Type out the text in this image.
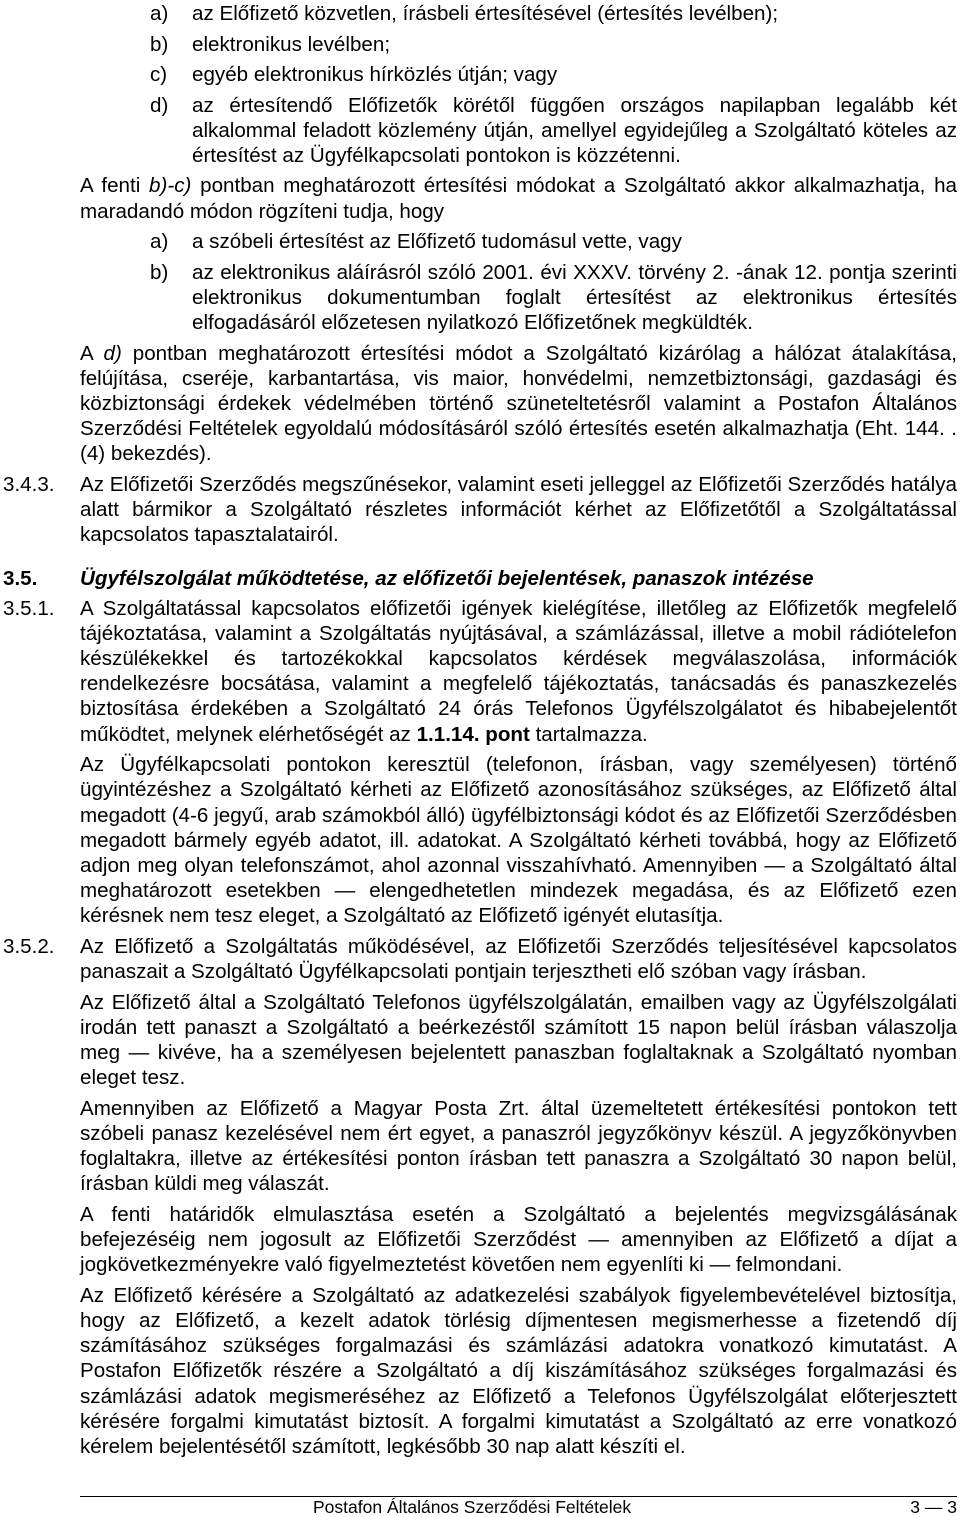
a) az Előfizető közvetlen, írásbeli értesítésével (értesítés levélben);
b) elektronikus levélben;
c) egyéb elektronikus hírközlés útján; vagy
d) az értesítendő Előfizetők körétől függően országos napilapban legalább két alkalommal feladott közlemény útján, amellyel egyidejűleg a Szolgáltató köteles az értesítést az Ügyfélkapcsolati pontokon is közzétenni.
A fenti b)-c) pontban meghatározott értesítési módokat a Szolgáltató akkor alkalmazhatja, ha maradandó módon rögzíteni tudja, hogy
a) a szóbeli értesítést az Előfizető tudomásul vette, vagy
b) az elektronikus aláírásról szóló 2001. évi XXXV. törvény 2. -ának 12. pontja szerinti elektronikus dokumentumban foglalt értesítést az elektronikus értesítés elfogadásáról előzetesen nyilatkozó Előfizetőnek megküldték.
A d) pontban meghatározott értesítési módot a Szolgáltató kizárólag a hálózat átalakítása, felújítása, cseréje, karbantartása, vis maior, honvédelmi, nemzetbiztonsági, gazdasági és közbiztonsági érdekek védelmében történő szüneteltetésről valamint a Postafon Általános Szerződési Feltételek egyoldalú módosításáról szóló értesítés esetén alkalmazhatja (Eht. 144. . (4) bekezdés).
3.4.3. Az Előfizetői Szerződés megszűnésekor, valamint eseti jelleggel az Előfizetői Szerződés hatálya alatt bármikor a Szolgáltató részletes információt kérhet az Előfizetőtől a Szolgáltatással kapcsolatos tapasztalatairól.
3.5. Ügyfélszolgálat működtetése, az előfizetői bejelentések, panaszok intézése
3.5.1. A Szolgáltatással kapcsolatos előfizetői igények kielégítése, illetőleg az Előfizetők megfelelő tájékoztatása, valamint a Szolgáltatás nyújtásával, a számlázással, illetve a mobil rádiótelefon készülékekkel és tartozékokkal kapcsolatos kérdések megválaszolása, információk rendelkezésre bocsátása, valamint a megfelelő tájékoztatás, tanácsadás és panaszkezelés biztosítása érdekében a Szolgáltató 24 órás Telefonos Ügyfélszolgálatot és hibabejelentőt működtet, melynek elérhetőségét az 1.1.14. pont tartalmazza.
Az Ügyfélkapcsolati pontokon keresztül (telefonon, írásban, vagy személyesen) történő ügyintézéshez a Szolgáltató kérheti az Előfizető azonosításához szükséges, az Előfizető által megadott (4-6 jegyű, arab számokból álló) ügyfélbiztonsági kódot és az Előfizetői Szerződésben megadott bármely egyéb adatot, ill. adatokat. A Szolgáltató kérheti továbbá, hogy az Előfizető adjon meg olyan telefonszámot, ahol azonnal visszahívható. Amennyiben — a Szolgáltató által meghatározott esetekben — elengedhetetlen mindezek megadása, és az Előfizető ezen kérésnek nem tesz eleget, a Szolgáltató az Előfizető igényét elutasítja.
3.5.2. Az Előfizető a Szolgáltatás működésével, az Előfizetői Szerződés teljesítésével kapcsolatos panaszait a Szolgáltató Ügyfélkapcsolati pontjain terjesztheti elő szóban vagy írásban.
Az Előfizető által a Szolgáltató Telefonos ügyfélszolgálatán, emailben vagy az Ügyfélszolgálati irodán tett panaszt a Szolgáltató a beérkezéstől számított 15 napon belül írásban válaszolja meg — kivéve, ha a személyesen bejelentett panaszban foglaltaknak a Szolgáltató nyomban eleget tesz.
Amennyiben az Előfizető a Magyar Posta Zrt. által üzemeltetett értékesítési pontokon tett szóbeli panasz kezelésével nem ért egyet, a panaszról jegyzőkönyv készül. A jegyzőkönyvben foglaltakra, illetve az értékesítési ponton írásban tett panaszra a Szolgáltató 30 napon belül, írásban küldi meg válaszát.
A fenti határidők elmulasztása esetén a Szolgáltató a bejelentés megvizsgálásának befejezéséig nem jogosult az Előfizetői Szerződést — amennyiben az Előfizető a díjat a jogkövetkezményekre való figyelmeztetést követően nem egyenlíti ki — felmondani.
Az Előfizető kérésére a Szolgáltató az adatkezelési szabályok figyelembevételével biztosítja, hogy az Előfizető, a kezelt adatok törlésig díjmentesen megismerhesse a fizetendő díj számításához szükséges forgalmazási és számlázási adatokra vonatkozó kimutatást. A Postafon Előfizetők részére a Szolgáltató a díj kiszámításához szükséges forgalmazási és számlázási adatok megismeréséhez az Előfizető a Telefonos Ügyfélszolgálat előterjesztett kérésére forgalmi kimutatást biztosít. A forgalmi kimutatást a Szolgáltató az erre vonatkozó kérelem bejelentésétől számított, legkésőbb 30 nap alatt készíti el.
Postafon Általános Szerződési Feltételek	3 — 3
